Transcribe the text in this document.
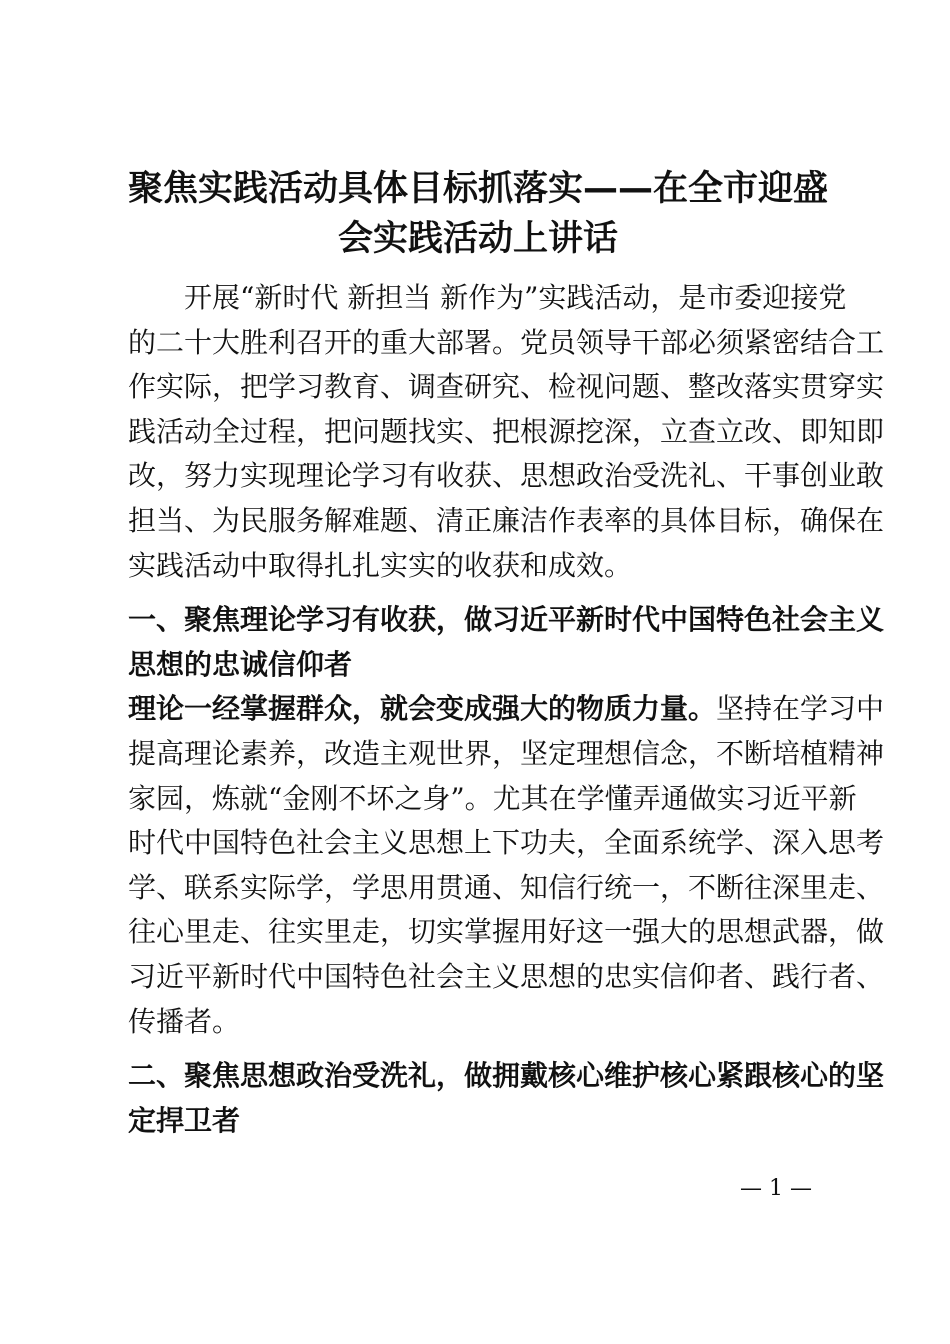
聚焦实践活动具体目标抓落实——在全市迎盛
会实践活动上讲话
　　开展“新时代 新担当 新作为”实践活动，是市委迎接党
的二十大胜利召开的重大部署。党员领导干部必须紧密结合工
作实际，把学习教育、调查研究、检视问题、整改落实贯穿实
践活动全过程，把问题找实、把根源挖深，立查立改、即知即
改，努力实现理论学习有收获、思想政治受洗礼、干事创业敢
担当、为民服务解难题、清正廉洁作表率的具体目标，确保在
实践活动中取得扎扎实实的收获和成效。
一、聚焦理论学习有收获，做习近平新时代中国特色社会主义
思想的忠诚信仰者
理论一经掌握群众，就会变成强大的物质力量。坚持在学习中
提高理论素养，改造主观世界，坚定理想信念，不断培植精神
家园，炼就“金刚不坏之身”。尤其在学懂弄通做实习近平新
时代中国特色社会主义思想上下功夫，全面系统学、深入思考
学、联系实际学，学思用贯通、知信行统一，不断往深里走、
往心里走、往实里走，切实掌握用好这一强大的思想武器，做
习近平新时代中国特色社会主义思想的忠实信仰者、践行者、
传播者。
二、聚焦思想政治受洗礼，做拥戴核心维护核心紧跟核心的坚
定捍卫者
— 1 —
